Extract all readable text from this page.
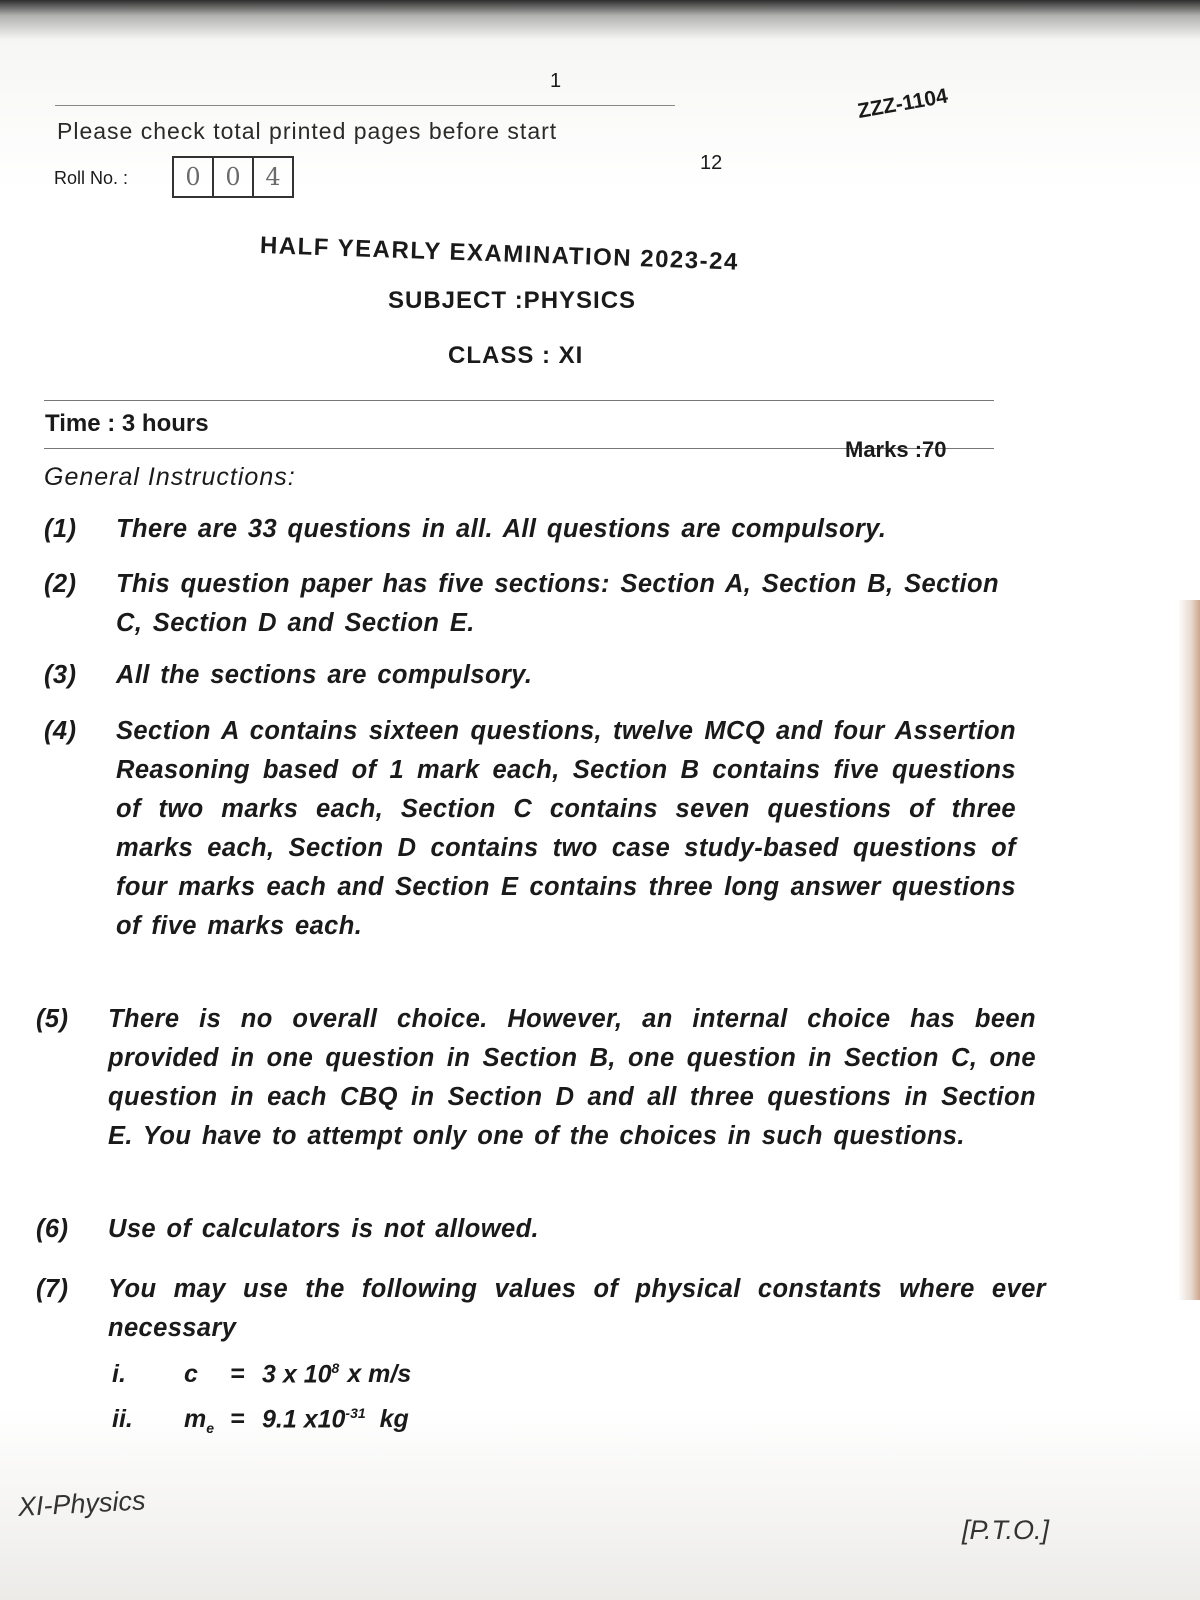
1
Please check total printed pages before start
12
ZZZ-1104
Roll No. :	0	0	4
HALF YEARLY EXAMINATION 2023-24
SUBJECT :PHYSICS
CLASS : XI
Time : 3 hours
Marks :70
General Instructions:
(1)	There are 33 questions in all. All questions are compulsory.
(2)	This question paper has five sections: Section A, Section B, Section C, Section D and Section E.
(3)	All the sections are compulsory.
(4)	Section A contains sixteen questions, twelve MCQ and four Assertion Reasoning based of 1 mark each, Section B contains five questions of two marks each, Section C contains seven questions of three marks each, Section D contains two case study-based questions of four marks each and Section E contains three long answer questions of five marks each.
(5)	There is no overall choice. However, an internal choice has been provided in one question in Section B, one question in Section C, one question in each CBQ in Section D and all three questions in Section E. You have to attempt only one of the choices in such questions.
(6)	Use of calculators is not allowed.
(7)	You may use the following values of physical constants where ever necessary
i.	c	= 3 x $10^8$ x m/s
ii.	$m_e = 9.1$ $x10^{-31}$ kg
XI-Physics
[P.T.O.]
